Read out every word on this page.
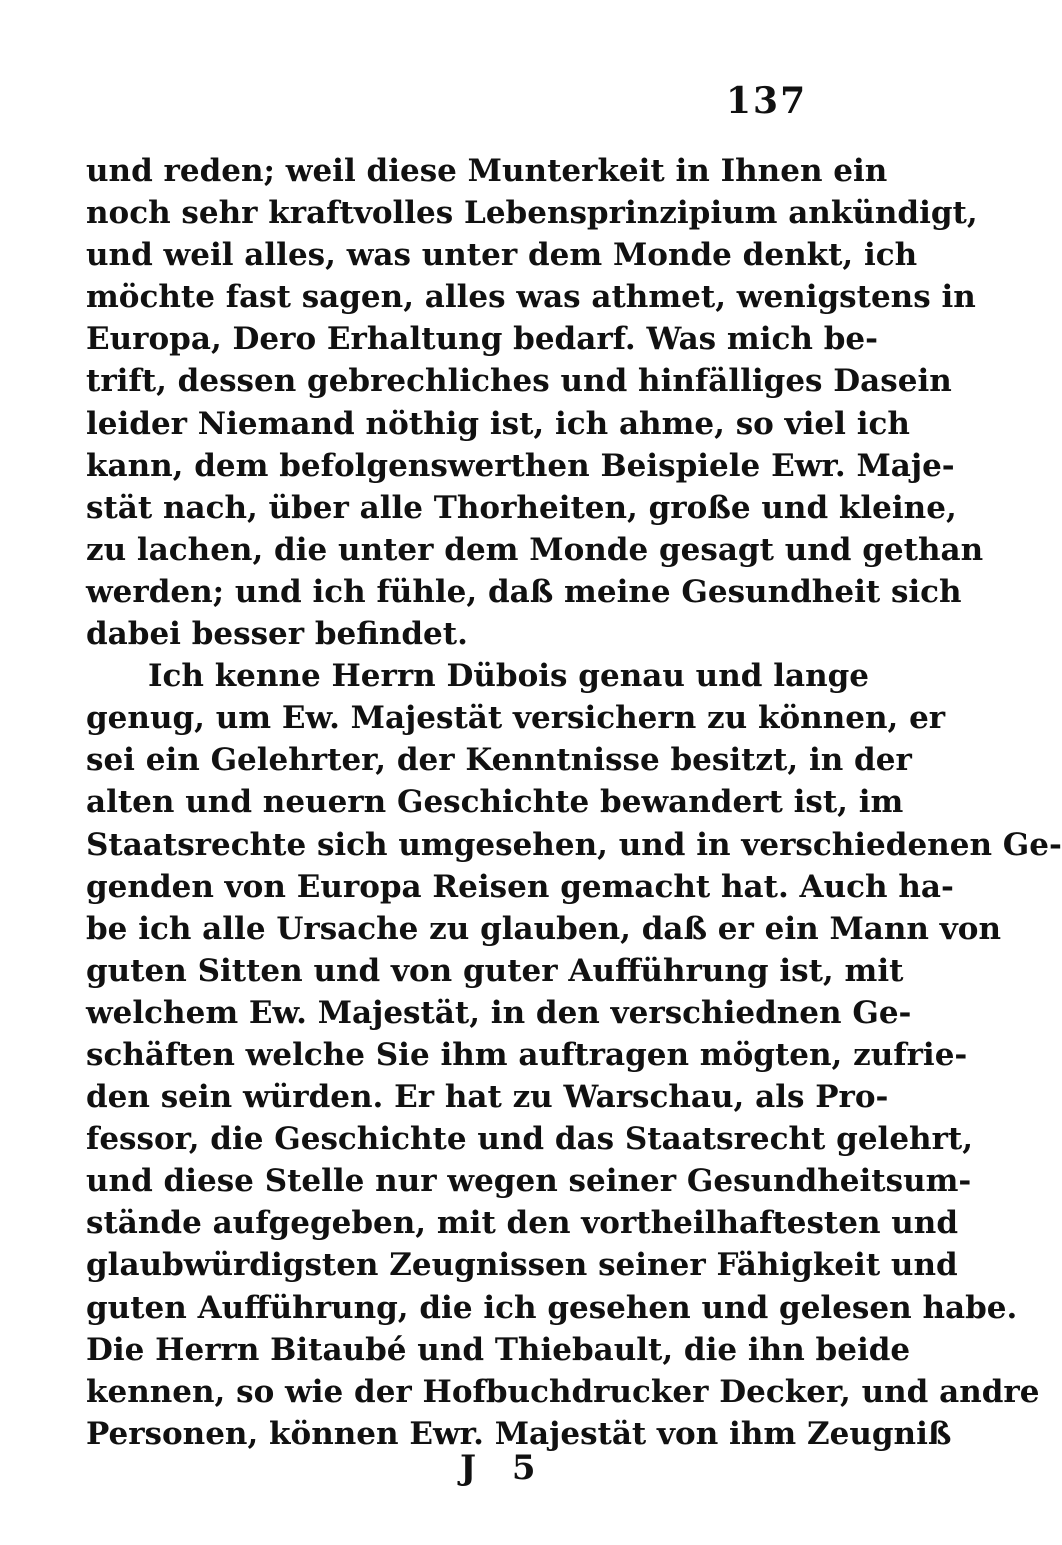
137
und reden; weil diese Munterkeit in Ihnen ein
noch sehr kraftvolles Lebensprinzipium ankündigt,
und weil alles, was unter dem Monde denkt, ich
möchte fast sagen, alles was athmet, wenigstens in
Europa, Dero Erhaltung bedarf. Was mich be-
trift, dessen gebrechliches und hinfälliges Dasein
leider Niemand nöthig ist, ich ahme, so viel ich
kann, dem befolgenswerthen Beispiele Ewr. Maje-
stät nach, über alle Thorheiten, große und kleine,
zu lachen, die unter dem Monde gesagt und gethan
werden; und ich fühle, daß meine Gesundheit sich
dabei besser befindet.
Ich kenne Herrn Dübois genau und lange
genug, um Ew. Majestät versichern zu können, er
sei ein Gelehrter, der Kenntnisse besitzt, in der
alten und neuern Geschichte bewandert ist, im
Staatsrechte sich umgesehen, und in verschiedenen Ge-
genden von Europa Reisen gemacht hat. Auch ha-
be ich alle Ursache zu glauben, daß er ein Mann von
guten Sitten und von guter Aufführung ist, mit
welchem Ew. Majestät, in den verschiednen Ge-
schäften welche Sie ihm auftragen mögten, zufrie-
den sein würden. Er hat zu Warschau, als Pro-
fessor, die Geschichte und das Staatsrecht gelehrt,
und diese Stelle nur wegen seiner Gesundheitsum-
stände aufgegeben, mit den vortheilhaftesten und
glaubwürdigsten Zeugnissen seiner Fähigkeit und
guten Aufführung, die ich gesehen und gelesen habe.
Die Herrn Bitaubé und Thiebault, die ihn beide
kennen, so wie der Hofbuchdrucker Decker, und andre
Personen, können Ewr. Majestät von ihm Zeugniß
J 5
